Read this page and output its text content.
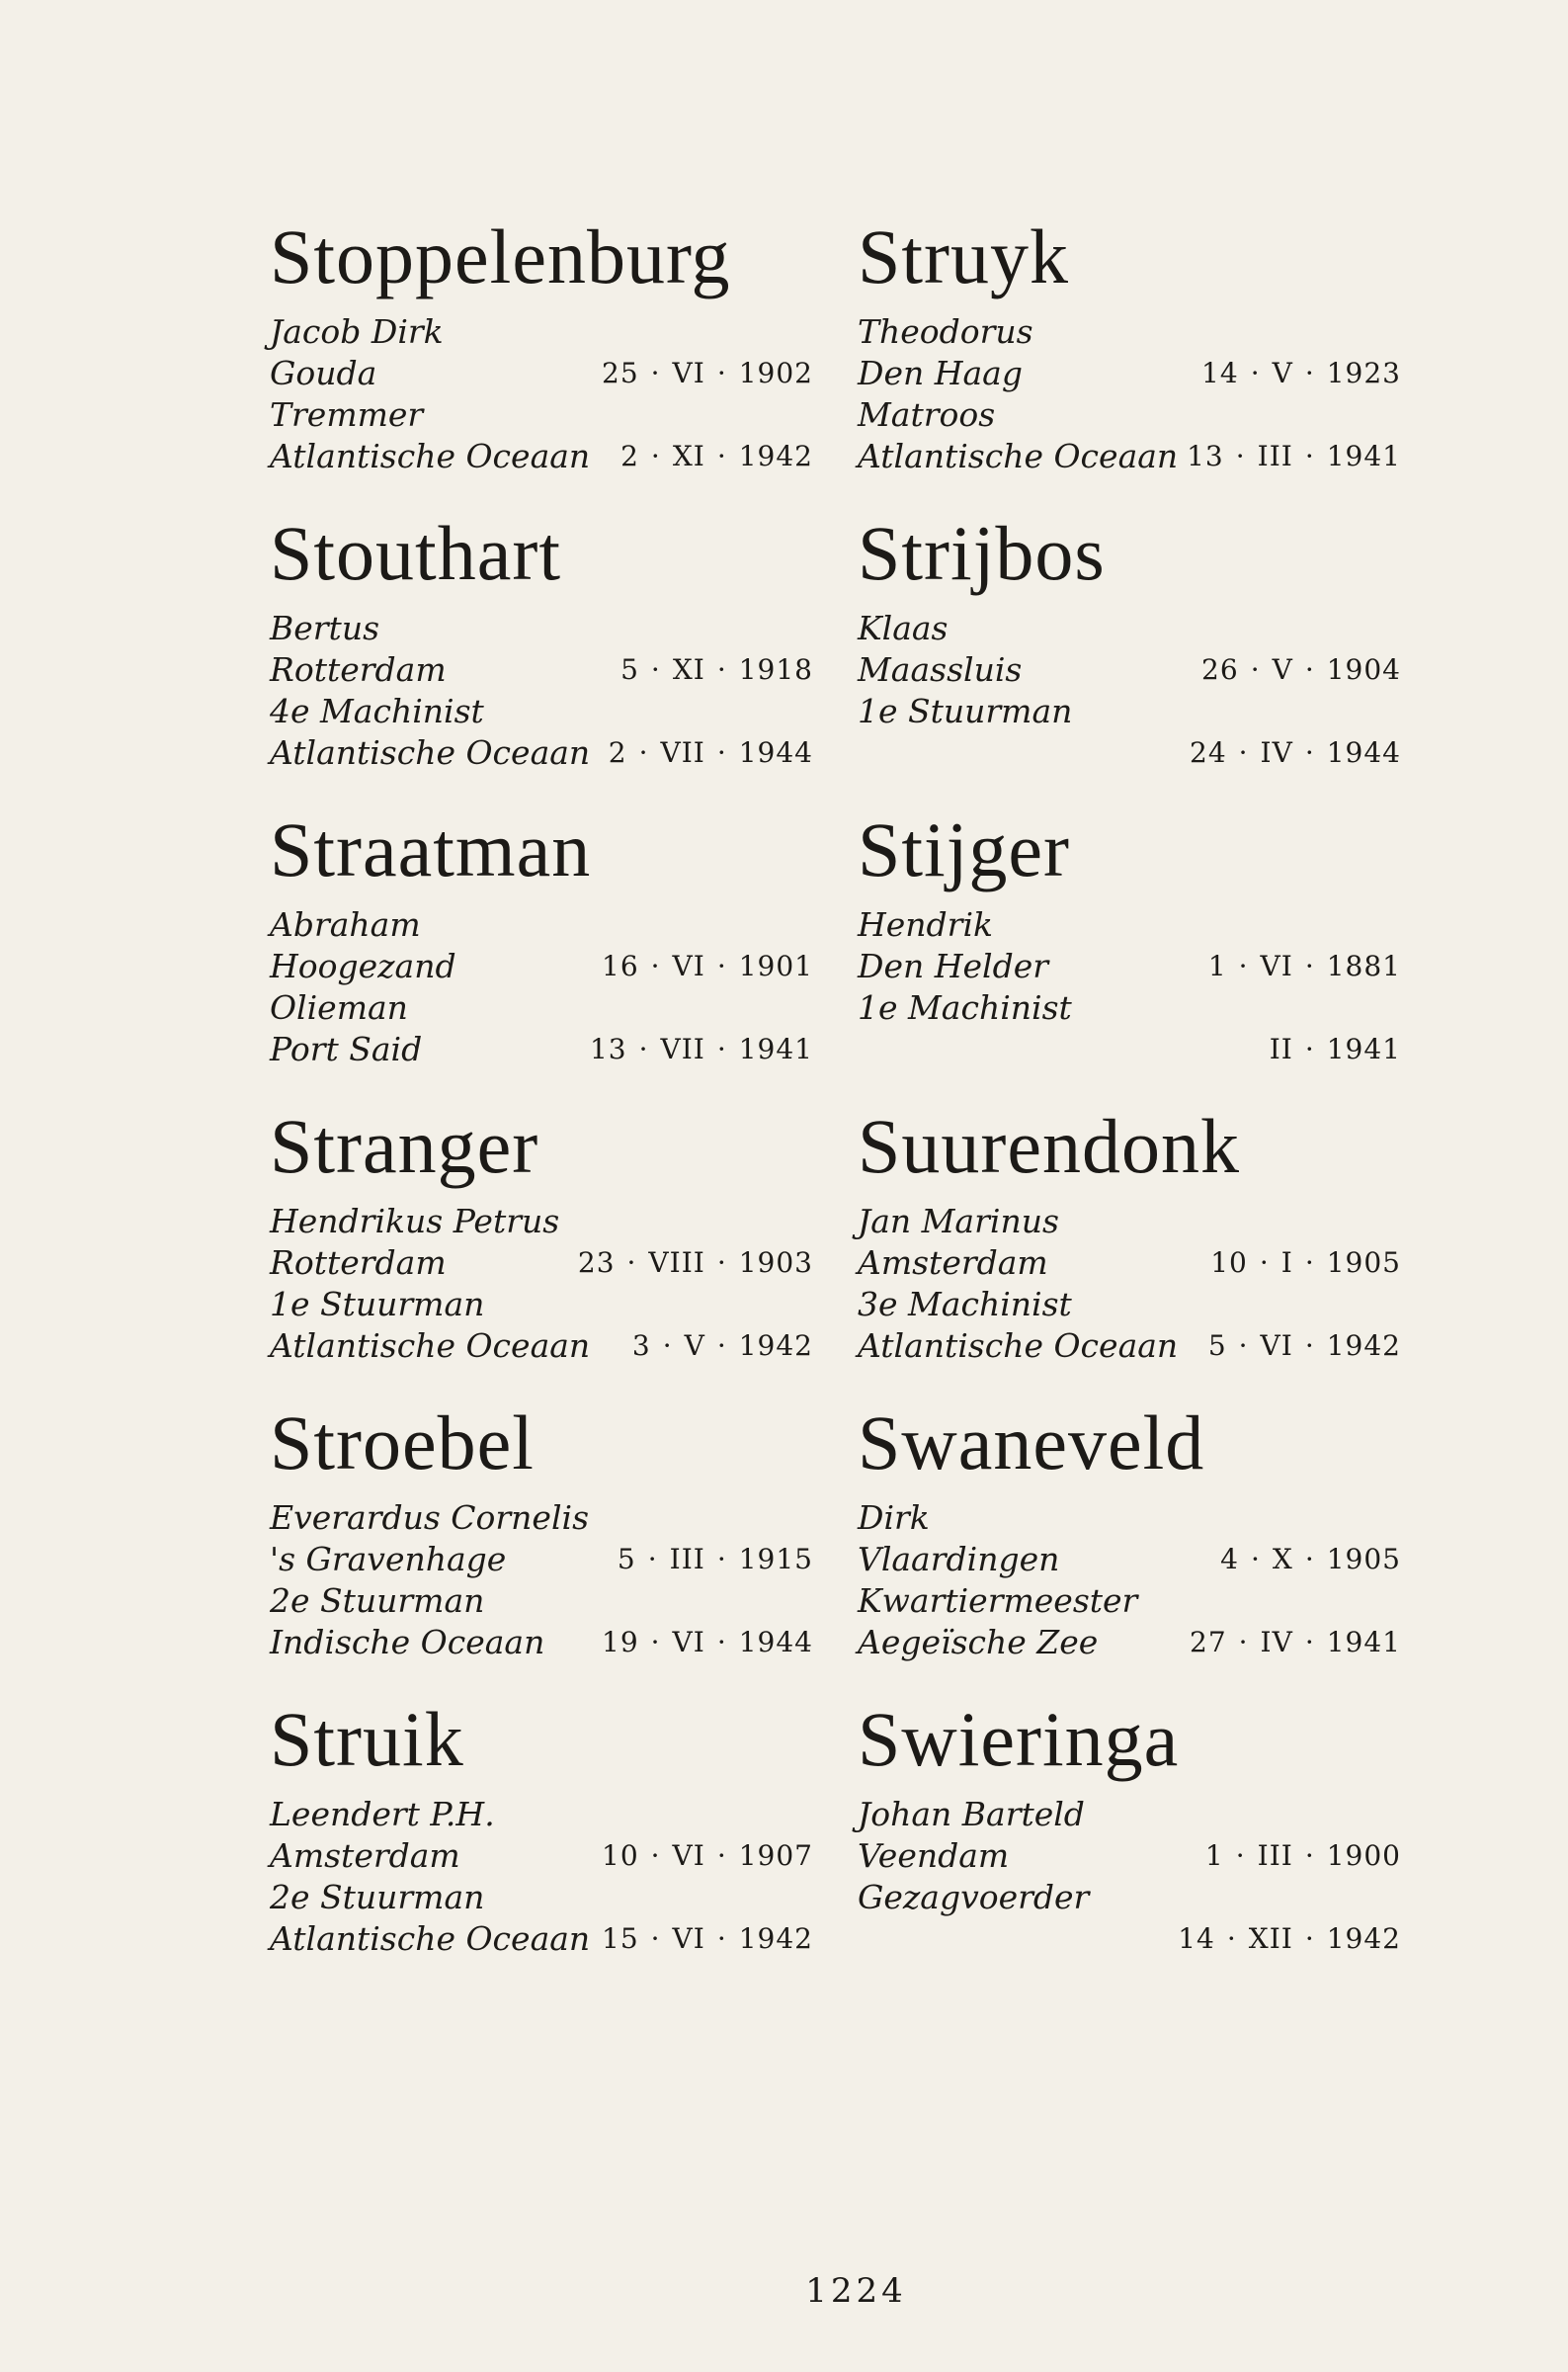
Stoppelenburg
Jacob Dirk
Gouda	25 · VI · 1902
Tremmer
Atlantische Oceaan 2 · XI · 1942
Stouthart
Bertus
Rotterdam	5 · XI · 1918
4e Machinist
Atlantische Oceaan 2 · VII · 1944
Straatman
Abraham
Hoogezand	16 · VI · 1901
Olieman
Port Said	13 · VII · 1941
Stranger
Hendrikus Petrus
Rotterdam	23 · VIII · 1903
1e Stuurman
Atlantische Oceaan 3 · V · 1942
Stroebel
Everardus Cornelis
's Gravenhage	5 · III · 1915
2e Stuurman
Indische Oceaan 19 · VI · 1944
Struik
Leendert P.H.
Amsterdam	10 · VI · 1907
2e Stuurman
Atlantische Oceaan 15 · VI · 1942
Struyk
Theodorus
Den Haag	14 · V · 1923
Matroos
Atlantische Oceaan 13 · III · 1941
Strijbos
Klaas
Maassluis	26 · V · 1904
1e Stuurman
24 · IV · 1944
Stijger
Hendrik
Den Helder	1 · VI · 1881
1e Machinist
II · 1941
Suurendonk
Jan Marinus
Amsterdam	10 · I · 1905
3e Machinist
Atlantische Oceaan 5 · VI · 1942
Swaneveld
Dirk
Vlaardingen	4 · X · 1905
Kwartiermeester
Aegeïsche Zee	27 · IV · 1941
Swieringa
Johan Barteld
Veendam	1 · III · 1900
Gezagvoerder
14 · XII · 1942
1224
